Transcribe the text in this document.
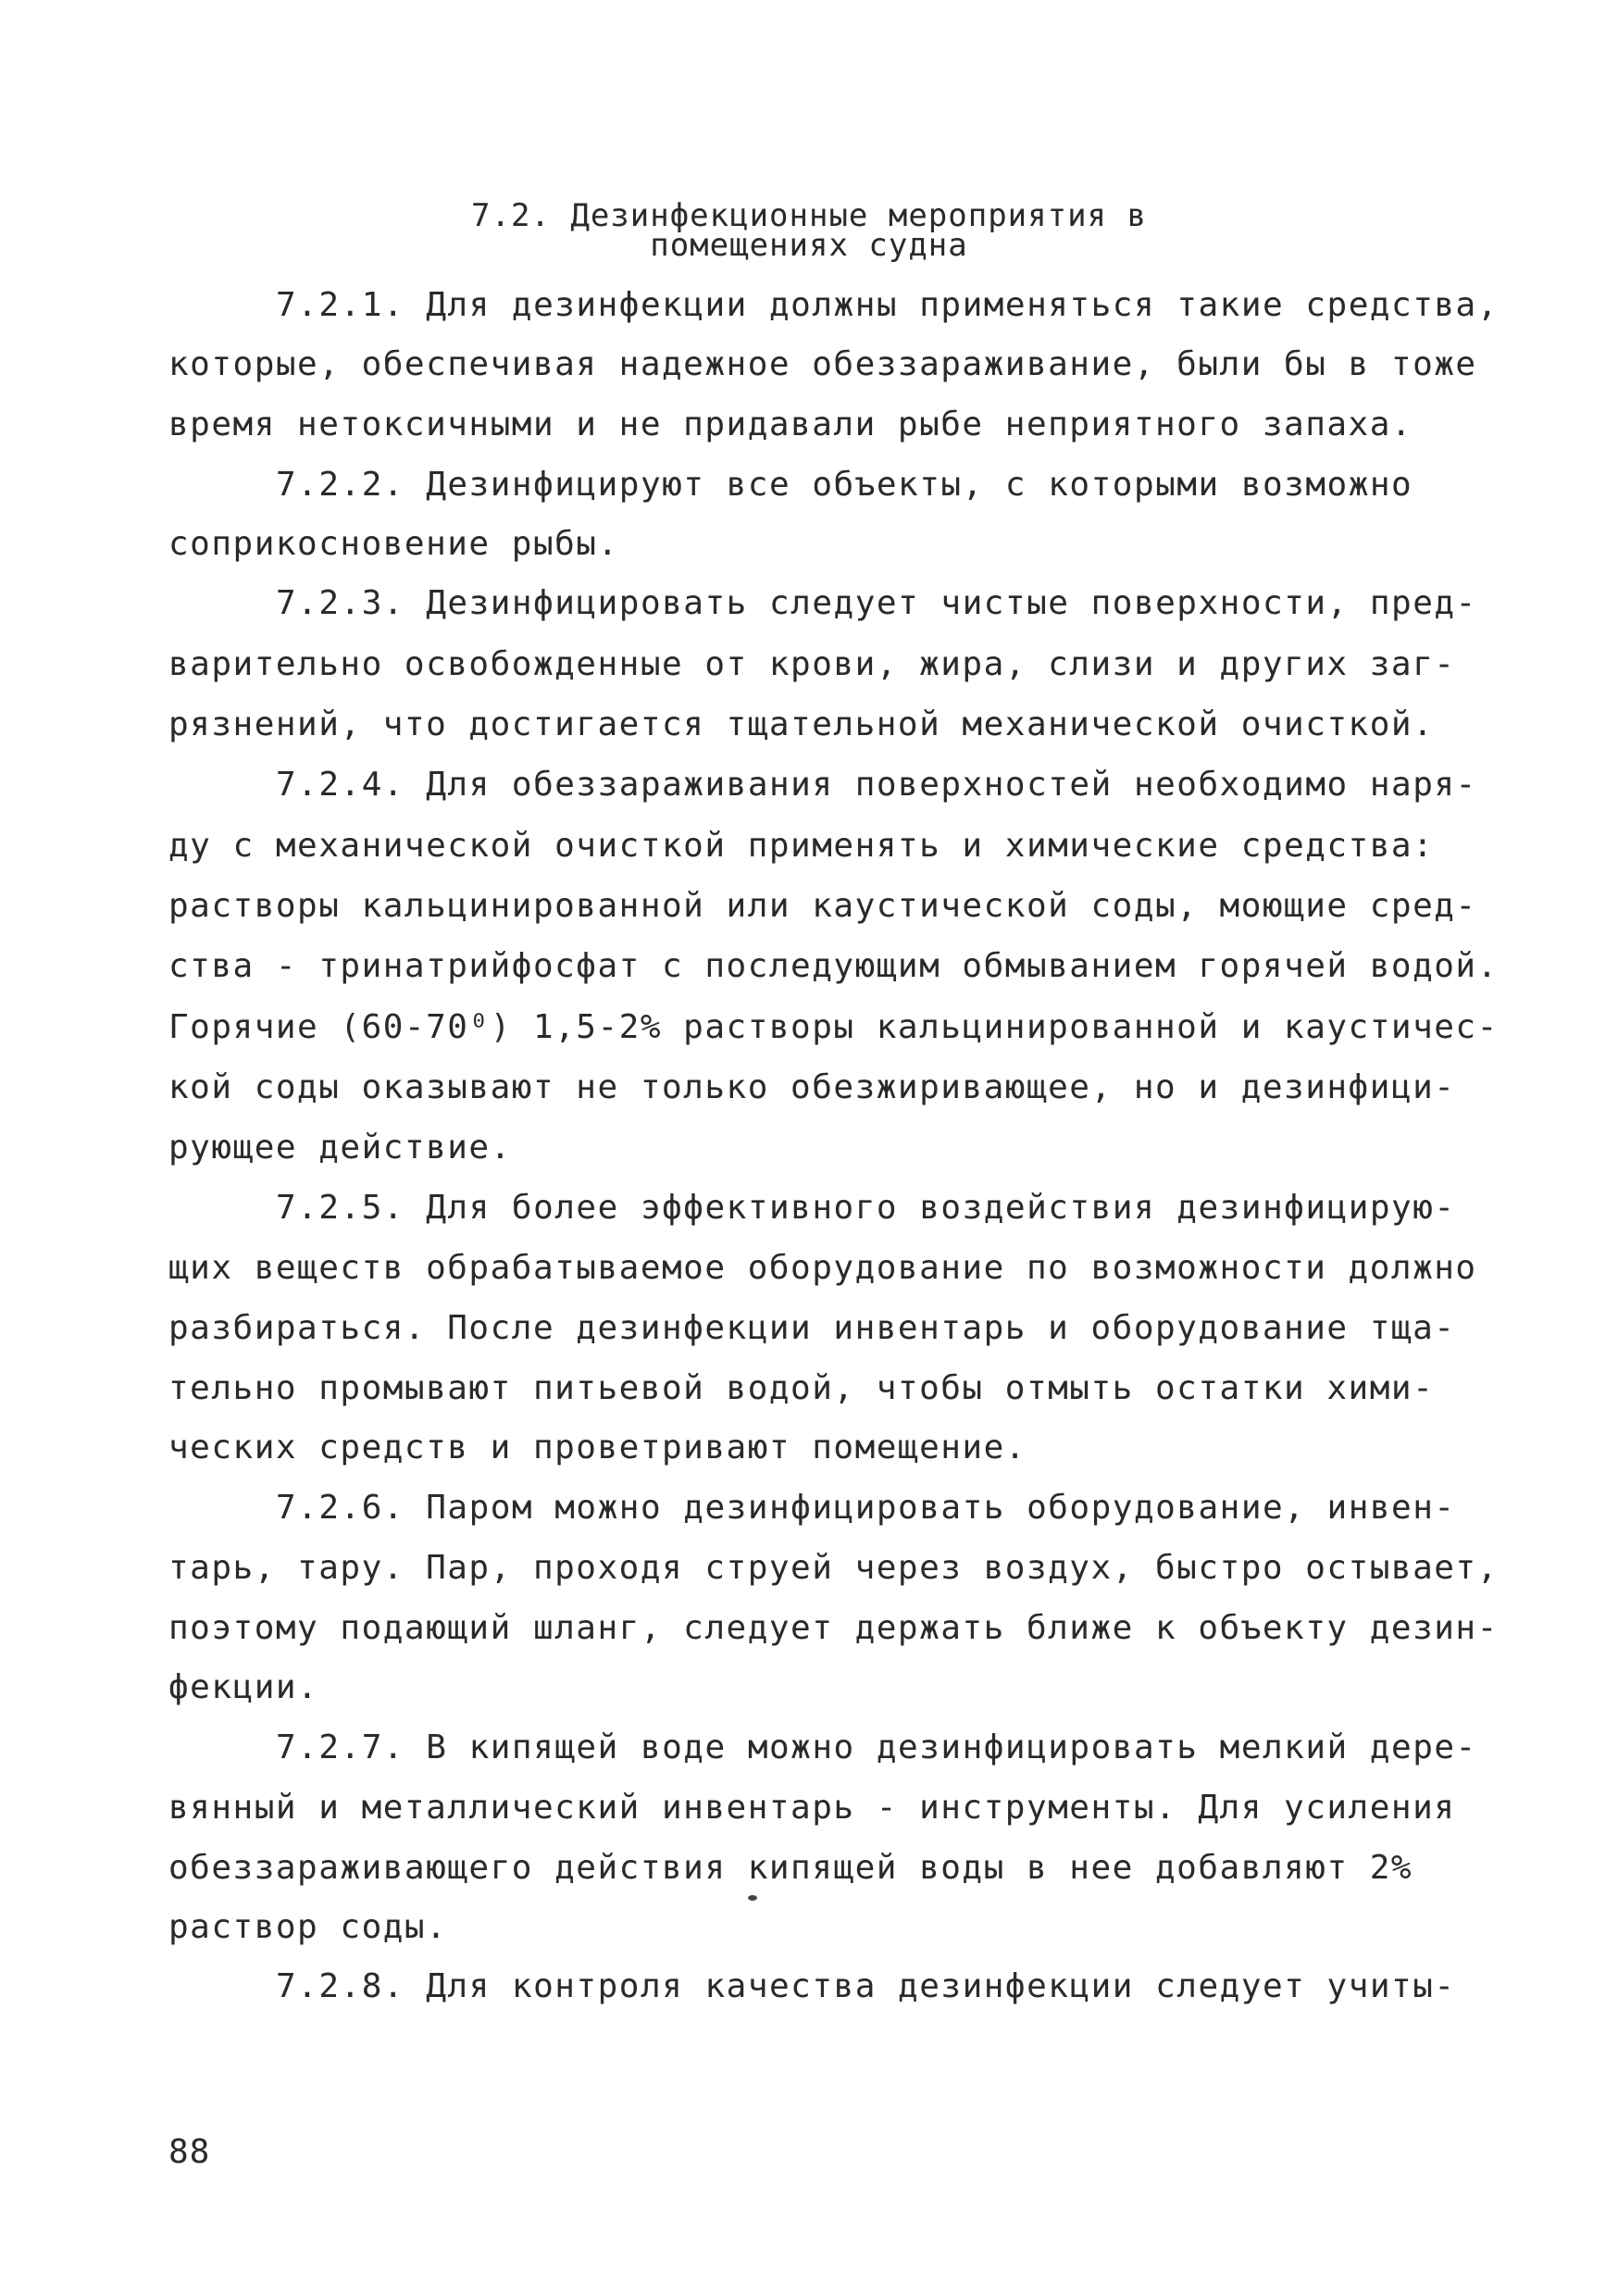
7.2. Дезинфекционные мероприятия в
помещениях судна
7.2.1. Для дезинфекции должны применяться такие средства,
которые, обеспечивая надежное обеззараживание, были бы в тоже
время нетоксичными и не придавали рыбе неприятного запаха.
7.2.2. Дезинфицируют все объекты, с которыми возможно
соприкосновение рыбы.
7.2.3. Дезинфицировать следует чистые поверхности, пред-
варительно освобожденные от крови, жира, слизи и других заг-
рязнений, что достигается тщательной механической очисткой.
7.2.4. Для обеззараживания поверхностей необходимо наря-
ду с механической очисткой применять и химические средства:
растворы кальцинированной или каустической соды, моющие сред-
ства - тринатрийфосфат с последующим обмыванием горячей водой.
Горячие (60-70⁰) 1,5-2% растворы кальцинированной и каустичес-
кой соды оказывают не только обезжиривающее, но и дезинфици-
рующее действие.
7.2.5. Для более эффективного воздействия дезинфицирую-
щих веществ обрабатываемое оборудование по возможности должно
разбираться. После дезинфекции инвентарь и оборудование тща-
тельно промывают питьевой водой, чтобы отмыть остатки хими-
ческих средств и проветривают помещение.
7.2.6. Паром можно дезинфицировать оборудование, инвен-
тарь, тару. Пар, проходя струей через воздух, быстро остывает,
поэтому подающий шланг, следует держать ближе к объекту дезин-
фекции.
7.2.7. В кипящей воде можно дезинфицировать мелкий дере-
вянный и металлический инвентарь - инструменты. Для усиления
обеззараживающего действия кипящей воды в нее добавляют 2%
раствор соды.
7.2.8. Для контроля качества дезинфекции следует учиты-
88
